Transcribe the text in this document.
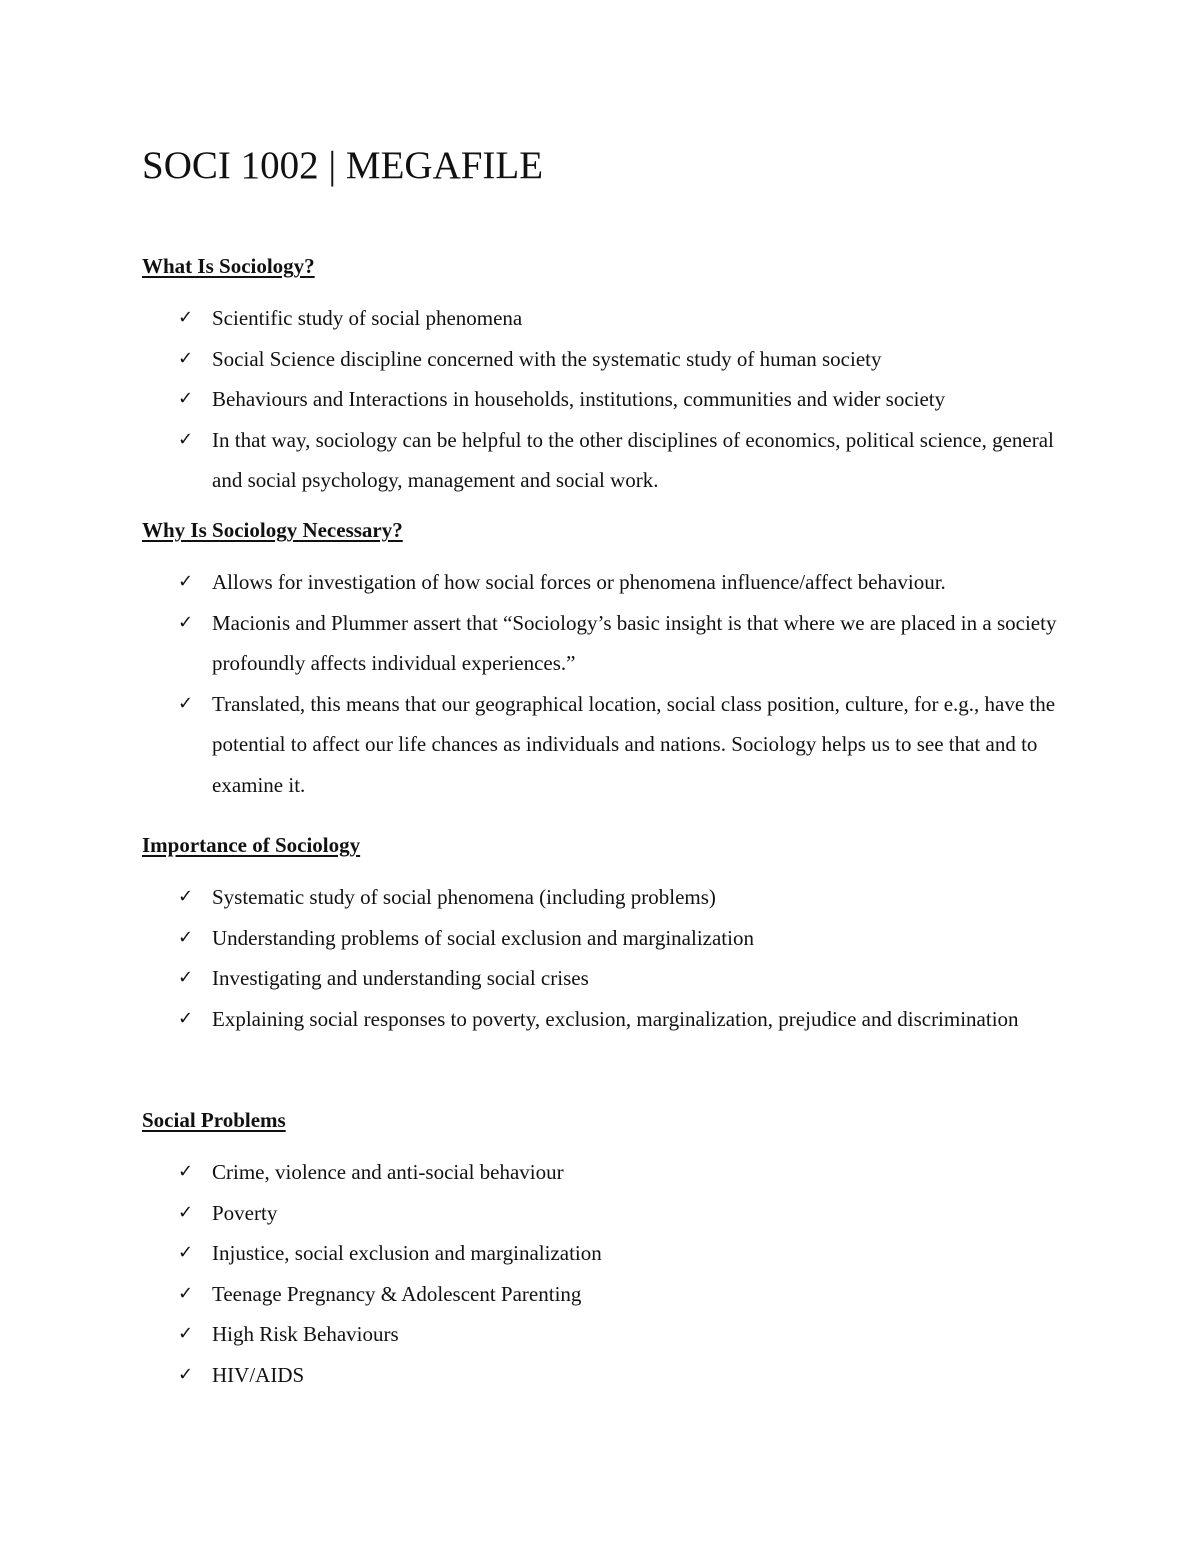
SOCI 1002 | MEGAFILE
What Is Sociology?
✓ Scientific study of social phenomena
✓ Social Science discipline concerned with the systematic study of human society
✓ Behaviours and Interactions in households, institutions, communities and wider society
✓ In that way, sociology can be helpful to the other disciplines of economics, political science, general and social psychology, management and social work.
Why Is Sociology Necessary?
✓ Allows for investigation of how social forces or phenomena influence/affect behaviour.
✓ Macionis and Plummer assert that “Sociology’s basic insight is that where we are placed in a society profoundly affects individual experiences.”
✓ Translated, this means that our geographical location, social class position, culture, for e.g., have the potential to affect our life chances as individuals and nations. Sociology helps us to see that and to examine it.
Importance of Sociology
✓ Systematic study of social phenomena (including problems)
✓ Understanding problems of social exclusion and marginalization
✓ Investigating and understanding social crises
✓ Explaining social responses to poverty, exclusion, marginalization, prejudice and discrimination
Social Problems
✓ Crime, violence and anti-social behaviour
✓ Poverty
✓ Injustice, social exclusion and marginalization
✓ Teenage Pregnancy & Adolescent Parenting
✓ High Risk Behaviours
✓ HIV/AIDS
